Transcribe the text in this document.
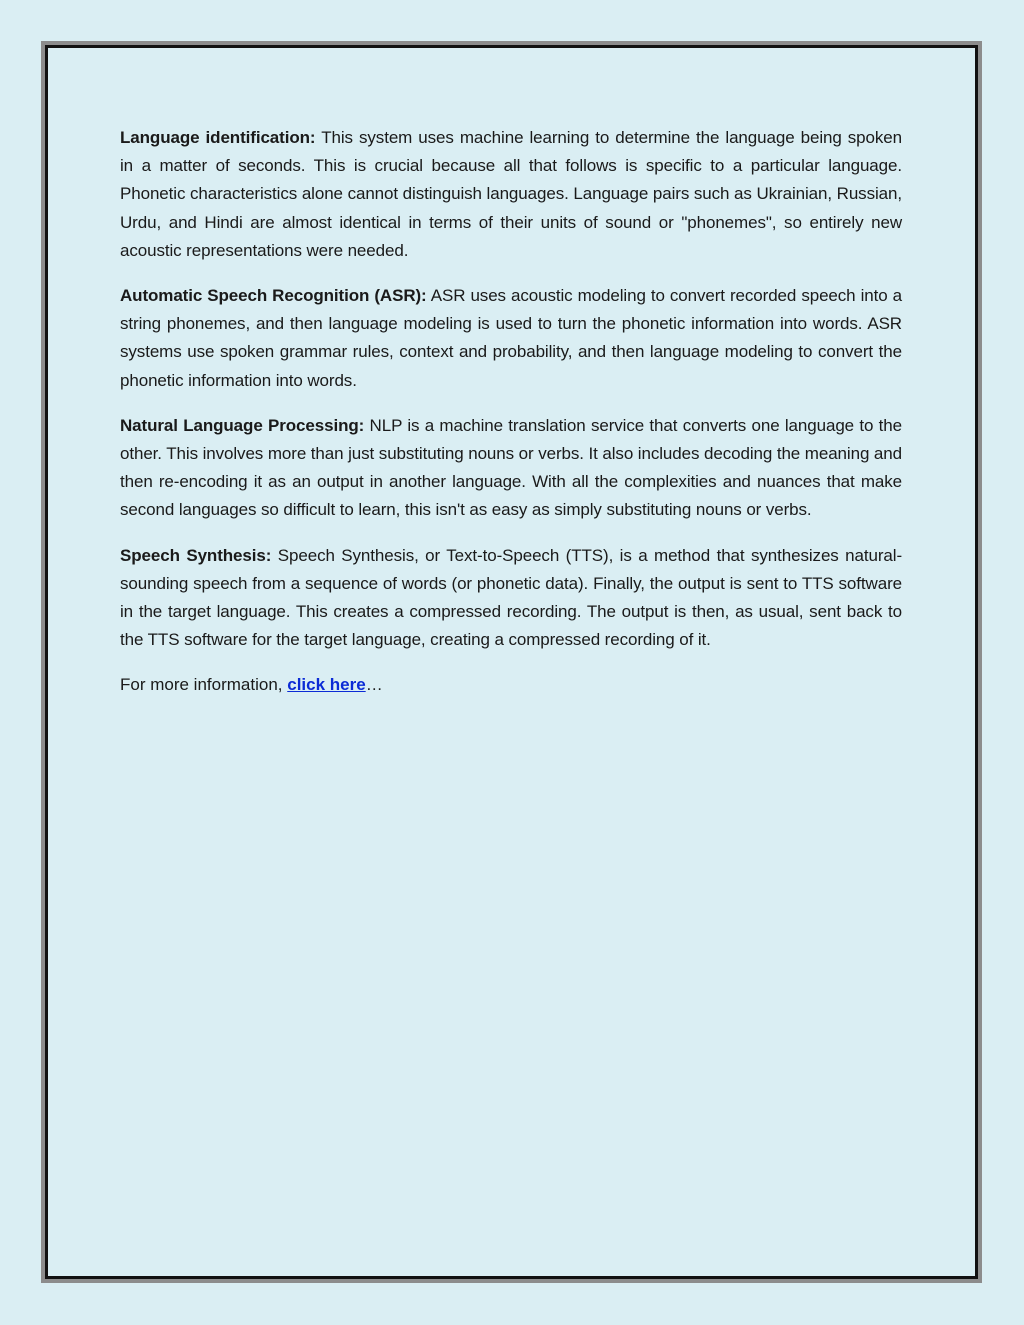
Language identification: This system uses machine learning to determine the language being spoken in a matter of seconds. This is crucial because all that follows is specific to a particular language. Phonetic characteristics alone cannot distinguish languages. Language pairs such as Ukrainian, Russian, Urdu, and Hindi are almost identical in terms of their units of sound or "phonemes", so entirely new acoustic representations were needed.

Automatic Speech Recognition (ASR): ASR uses acoustic modeling to convert recorded speech into a string phonemes, and then language modeling is used to turn the phonetic information into words. ASR systems use spoken grammar rules, context and probability, and then language modeling to convert the phonetic information into words.

Natural Language Processing: NLP is a machine translation service that converts one language to the other. This involves more than just substituting nouns or verbs. It also includes decoding the meaning and then re-encoding it as an output in another language. With all the complexities and nuances that make second languages so difficult to learn, this isn't as easy as simply substituting nouns or verbs.

Speech Synthesis: Speech Synthesis, or Text-to-Speech (TTS), is a method that synthesizes natural-sounding speech from a sequence of words (or phonetic data). Finally, the output is sent to TTS software in the target language. This creates a compressed recording. The output is then, as usual, sent back to the TTS software for the target language, creating a compressed recording of it.

For more information, click here…
